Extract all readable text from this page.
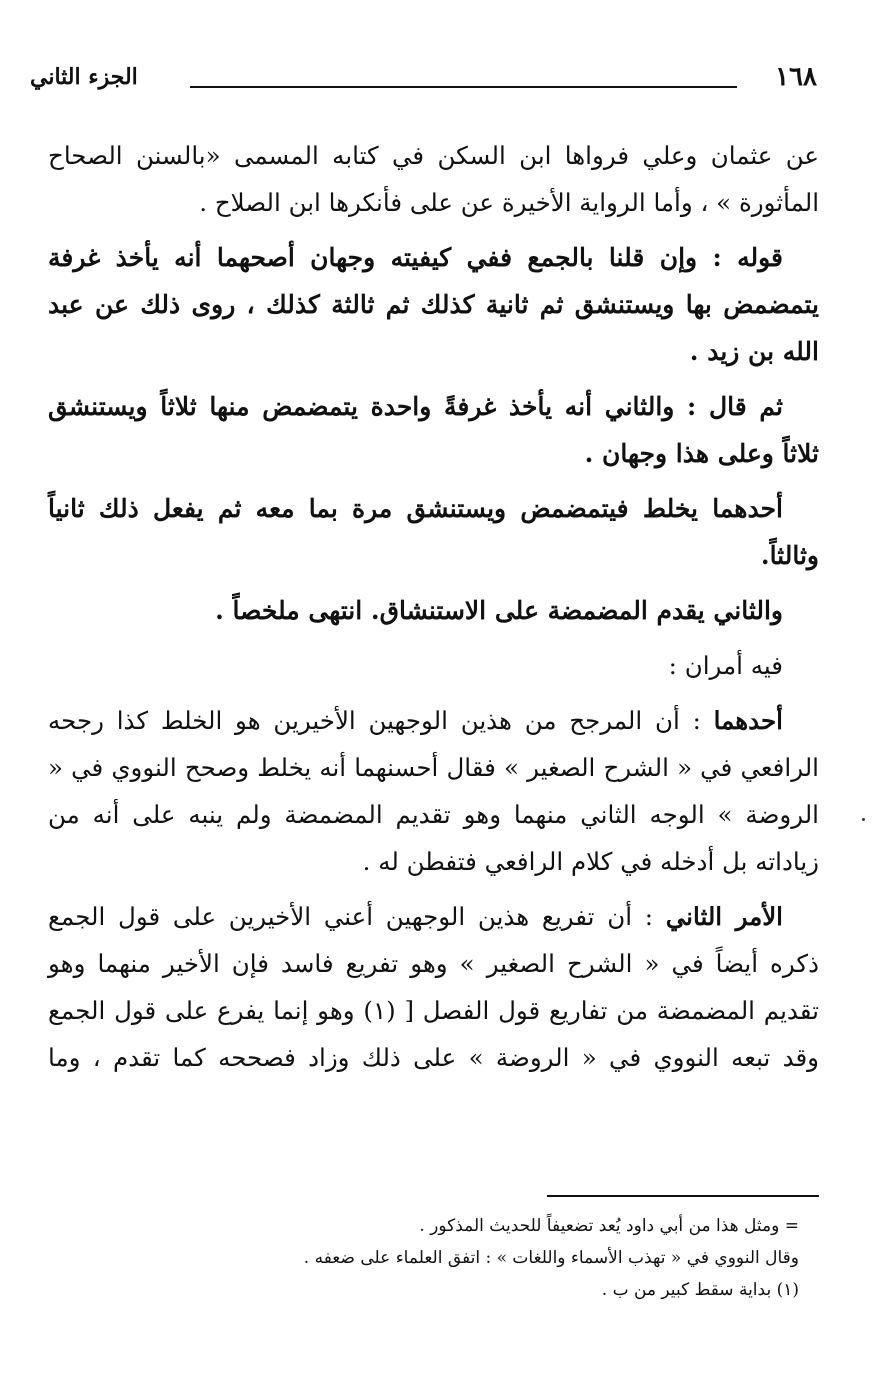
١٦٨
الجزء الثاني

عن عثمان وعلي فرواها ابن السكن في كتابه المسمى «بالسنن الصحاح المأثورة » ، وأما الرواية الأخيرة عن على فأنكرها ابن الصلاح .

قوله : وإن قلنا بالجمع ففي كيفيته وجهان أصحهما أنه يأخذ غرفة يتمضمض بها ويستنشق ثم ثانية كذلك ثم ثالثة كذلك ، روى ذلك عن عبد الله بن زيد .

ثم قال : والثاني أنه يأخذ غرفةً واحدة يتمضمض منها ثلاثاً ويستنشق ثلاثاً وعلى هذا وجهان .

أحدهما يخلط فيتمضمض ويستنشق مرة بما معه ثم يفعل ذلك ثانياً وثالثاً.

والثاني يقدم المضمضة على الاستنشاق. انتهى ملخصاً .

فيه أمران :

أحدهما : أن المرجح من هذين الوجهين الأخيرين هو الخلط كذا رجحه الرافعي في « الشرح الصغير » فقال أحسنهما أنه يخلط وصحح النووي في « الروضة » الوجه الثاني منهما وهو تقديم المضمضة ولم ينبه على أنه من زياداته بل أدخله في كلام الرافعي فتفطن له .

الأمر الثاني : أن تفريع هذين الوجهين أعني الأخيرين على قول الجمع ذكره أيضاً في « الشرح الصغير » وهو تفريع فاسد فإن الأخير منهما وهو تقديم المضمضة من تفاريع قول الفصل [ (١) وهو إنما يفرع على قول الجمع وقد تبعه النووي في « الروضة » على ذلك وزاد فصححه كما تقدم ، وما

= ومثل هذا من أبي داود يُعد تضعيفاً للحديث المذكور .

وقال النووي في « تهذب الأسماء واللغات » : اتفق العلماء على ضعفه .

(١) بداية سقط كبير من ب .
